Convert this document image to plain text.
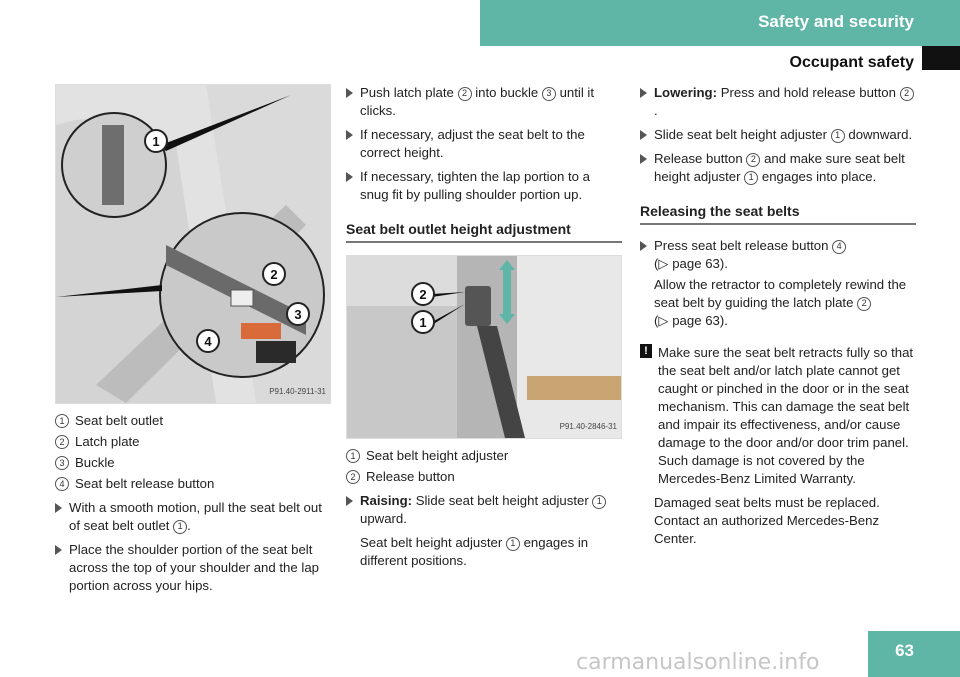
Safety and security
Occupant safety
1
2
3
4
P91.40-2911-31
1 Seat belt outlet
2 Latch plate
3 Buckle
4 Seat belt release button
With a smooth motion, pull the seat belt out of seat belt outlet 1 .
Place the shoulder portion of the seat belt across the top of your shoulder and the lap portion across your hips.
Push latch plate 2 into buckle 3 until it clicks.
If necessary, adjust the seat belt to the correct height.
If necessary, tighten the lap portion to a snug fit by pulling shoulder portion up.
Seat belt outlet height adjustment
2
1
P91.40-2846-31
1 Seat belt height adjuster
2 Release button
Raising: Slide seat belt height adjuster 1 upward.
Seat belt height adjuster 1 engages in different positions.
Lowering: Press and hold release button 2.
Slide seat belt height adjuster 1 downward.
Release button 2 and make sure seat belt height adjuster 1 engages into place.
Releasing the seat belts
Press seat belt release button 4
(▷ page 63).
Allow the retractor to completely rewind the seat belt by guiding the latch plate 2
(▷ page 63).
! Make sure the seat belt retracts fully so that the seat belt and/or latch plate cannot get caught or pinched in the door or in the seat mechanism. This can damage the seat belt and impair its effectiveness, and/or cause damage to the door and/or door trim panel. Such damage is not covered by the Mercedes-Benz Limited Warranty.
Damaged seat belts must be replaced. Contact an authorized Mercedes-Benz Center.
63
carmanualsonline.info
